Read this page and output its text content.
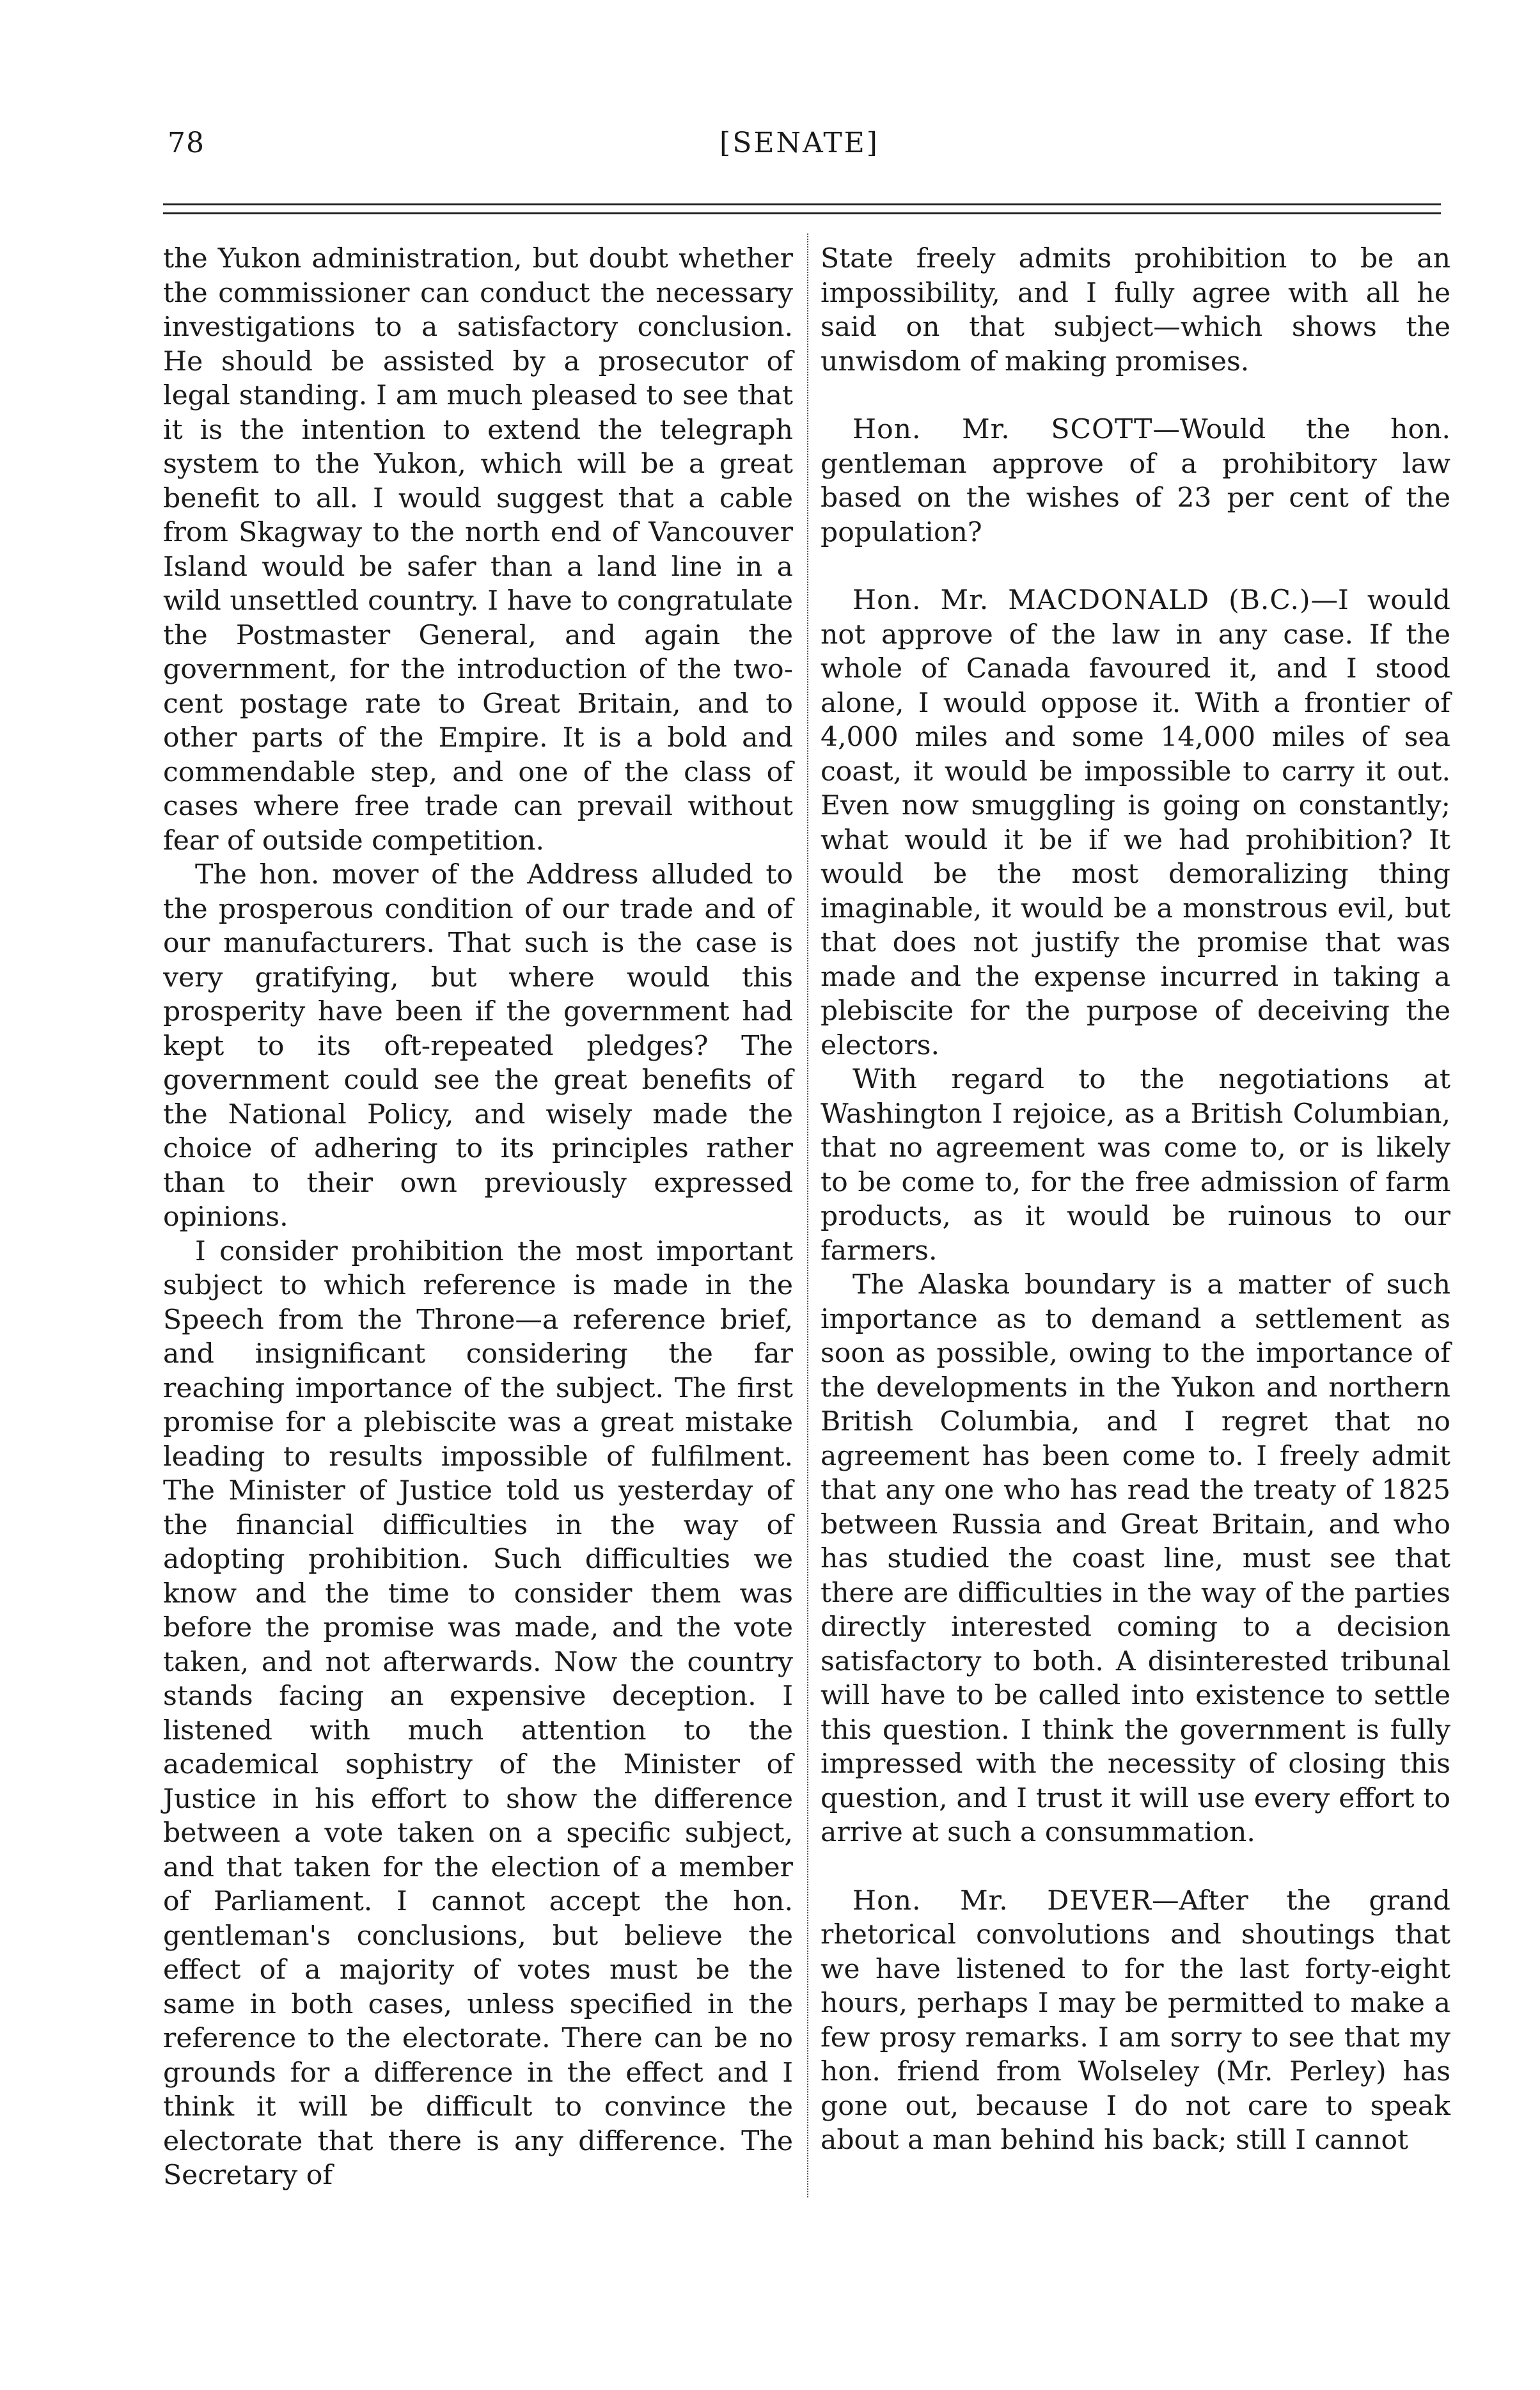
78	[SENATE]

the Yukon administration, but doubt whether the commissioner can conduct the necessary investigations to a satisfactory conclusion. He should be assisted by a prosecutor of legal standing. I am much pleased to see that it is the intention to extend the telegraph system to the Yukon, which will be a great benefit to all. I would suggest that a cable from Skagway to the north end of Vancouver Island would be safer than a land line in a wild unsettled country. I have to congratulate the Postmaster General, and again the government, for the introduction of the two-cent postage rate to Great Britain, and to other parts of the Empire. It is a bold and commendable step, and one of the class of cases where free trade can prevail without fear of outside competition.

The hon. mover of the Address alluded to the prosperous condition of our trade and of our manufacturers. That such is the case is very gratifying, but where would this prosperity have been if the government had kept to its oft-repeated pledges? The government could see the great benefits of the National Policy, and wisely made the choice of adhering to its principles rather than to their own previously expressed opinions.

I consider prohibition the most important subject to which reference is made in the Speech from the Throne—a reference brief, and insignificant considering the far reaching importance of the subject. The first promise for a plebiscite was a great mistake leading to results impossible of fulfilment. The Minister of Justice told us yesterday of the financial difficulties in the way of adopting prohibition. Such difficulties we know and the time to consider them was before the promise was made, and the vote taken, and not afterwards. Now the country stands facing an expensive deception. I listened with much attention to the academical sophistry of the Minister of Justice in his effort to show the difference between a vote taken on a specific subject, and that taken for the election of a member of Parliament. I cannot accept the hon. gentleman's conclusions, but believe the effect of a majority of votes must be the same in both cases, unless specified in the reference to the electorate. There can be no grounds for a difference in the effect and I think it will be difficult to convince the electorate that there is any difference. The Secretary of

State freely admits prohibition to be an impossibility, and I fully agree with all he said on that subject—which shows the unwisdom of making promises.

Hon. Mr. SCOTT—Would the hon. gentleman approve of a prohibitory law based on the wishes of 23 per cent of the population?

Hon. Mr. MACDONALD (B.C.)—I would not approve of the law in any case. If the whole of Canada favoured it, and I stood alone, I would oppose it. With a frontier of 4,000 miles and some 14,000 miles of sea coast, it would be impossible to carry it out. Even now smuggling is going on constantly; what would it be if we had prohibition? It would be the most demoralizing thing imaginable, it would be a monstrous evil, but that does not justify the promise that was made and the expense incurred in taking a plebiscite for the purpose of deceiving the electors.

With regard to the negotiations at Washington I rejoice, as a British Columbian, that no agreement was come to, or is likely to be come to, for the free admission of farm products, as it would be ruinous to our farmers.

The Alaska boundary is a matter of such importance as to demand a settlement as soon as possible, owing to the importance of the developments in the Yukon and northern British Columbia, and I regret that no agreement has been come to. I freely admit that any one who has read the treaty of 1825 between Russia and Great Britain, and who has studied the coast line, must see that there are difficulties in the way of the parties directly interested coming to a decision satisfactory to both. A disinterested tribunal will have to be called into existence to settle this question. I think the government is fully impressed with the necessity of closing this question, and I trust it will use every effort to arrive at such a consummation.

Hon. Mr. DEVER—After the grand rhetorical convolutions and shoutings that we have listened to for the last forty-eight hours, perhaps I may be permitted to make a few prosy remarks. I am sorry to see that my hon. friend from Wolseley (Mr. Perley) has gone out, because I do not care to speak about a man behind his back; still I cannot
